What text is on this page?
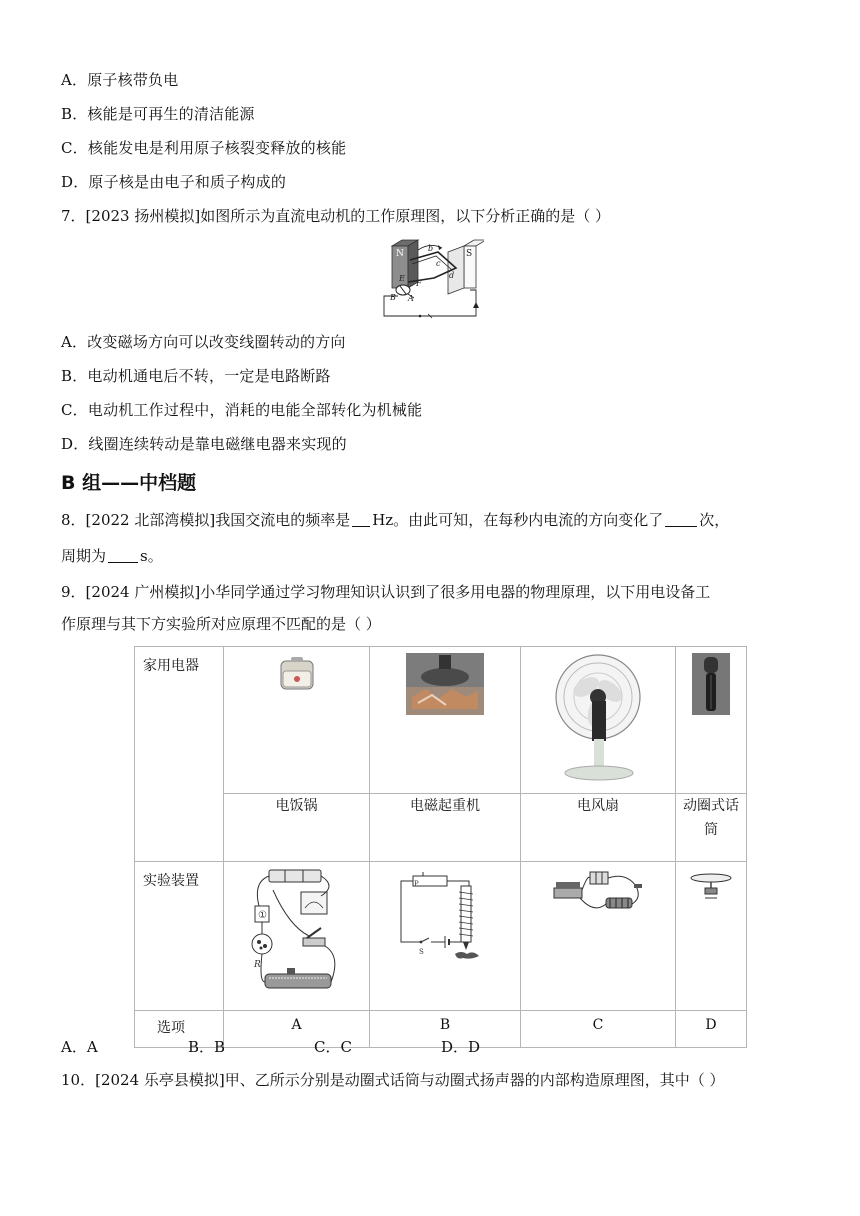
A．原子核带负电
B．核能是可再生的清洁能源
C．核能发电是利用原子核裂变释放的核能
D．原子核是由电子和质子构成的
7．[2023 扬州模拟]如图所示为直流电动机的工作原理图，以下分析正确的是（ ）
N	S
b
c
d
E
F
B A
A．改变磁场方向可以改变线圈转动的方向
B．电动机通电后不转，一定是电路断路
C．电动机工作过程中，消耗的电能全部转化为机械能
D．线圈连续转动是靠电磁继电器来实现的
B 组——中档题
8．[2022 北部湾模拟]我国交流电的频率是 Hz。由此可知，在每秒内电流的方向变化了 次，
周期为 s。
9．[2024 广州模拟]小华同学通过学习物理知识认识到了很多用电器的物理原理，以下用电设备工
作原理与其下方实验所对应原理不匹配的是（ ）
家用电器				
	电饭锅	电磁起重机	电风扇	动圈式话筒
实验装置	①
R	P
S

选项	A	B	C	D
A．A	B．B	C．C	D．D
10．[2024 乐亭县模拟]甲、乙所示分别是动圈式话筒与动圈式扬声器的内部构造原理图，其中（ ）
